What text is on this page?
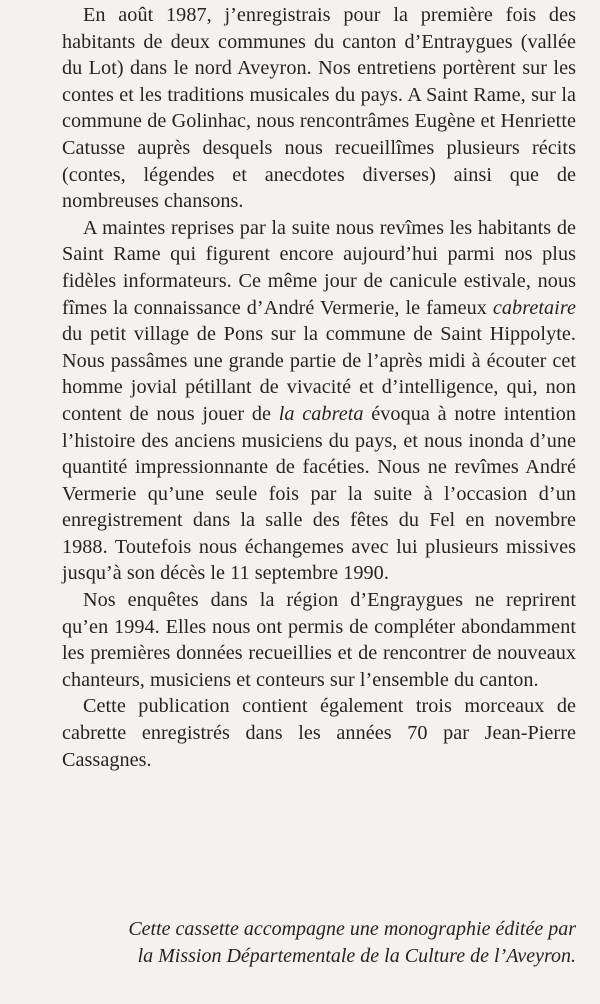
En août 1987, j’enregistrais pour la première fois des habitants de deux communes du canton d’Entraygues (vallée du Lot) dans le nord Aveyron. Nos entretiens portèrent sur les contes et les traditions musicales du pays. A Saint Rame, sur la commune de Golinhac, nous rencontrâmes Eugène et Henriette Catusse auprès desquels nous recueillîmes plusieurs récits (contes, légendes et anecdotes diverses) ainsi que de nombreuses chansons.

A maintes reprises par la suite nous revîmes les habitants de Saint Rame qui figurent encore aujourd’hui parmi nos plus fidèles informateurs. Ce même jour de canicule estivale, nous fîmes la connaissance d’André Vermerie, le fameux cabretaire du petit village de Pons sur la commune de Saint Hippolyte. Nous passâmes une grande partie de l’après midi à écouter cet homme jovial pétillant de vivacité et d’intelligence, qui, non content de nous jouer de la cabreta évoqua à notre intention l’histoire des anciens musiciens du pays, et nous inonda d’une quantité impressionnante de facéties. Nous ne revîmes André Vermerie qu’une seule fois par la suite à l’occasion d’un enregistrement dans la salle des fêtes du Fel en novembre 1988. Toutefois nous échangemes avec lui plusieurs missives jusqu’à son décès le 11 septembre 1990.

Nos enquêtes dans la région d’Engraygues ne reprirent qu’en 1994. Elles nous ont permis de compléter abondamment les premières données recueillies et de rencontrer de nouveaux chanteurs, musiciens et conteurs sur l’ensemble du canton.

Cette publication contient également trois morceaux de cabrette enregistrés dans les années 70 par Jean-Pierre Cassagnes.

Cette cassette accompagne une monographie éditée par
la Mission Départementale de la Culture de l’Aveyron.
